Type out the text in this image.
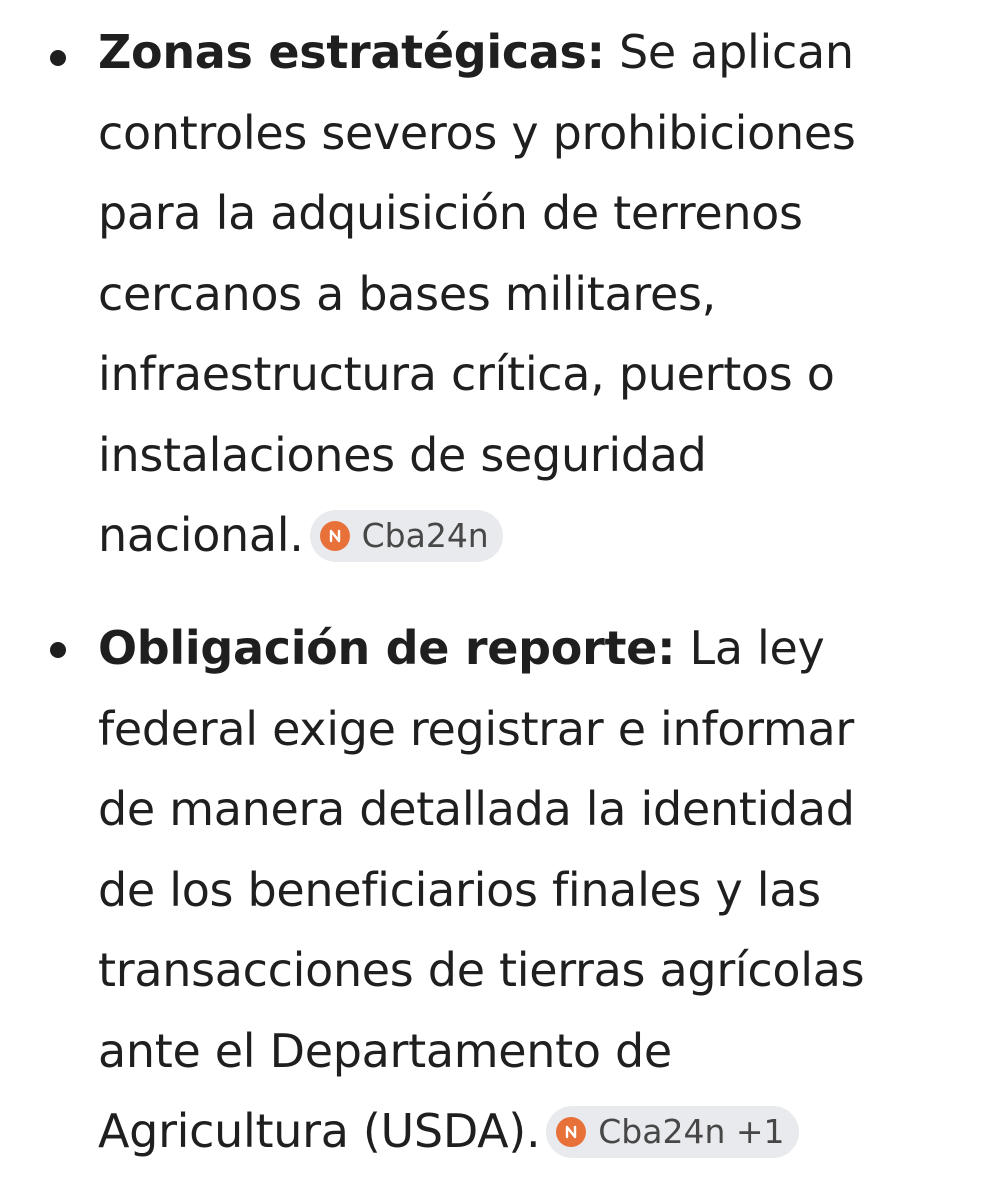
Zonas estratégicas: Se aplican
controles severos y prohibiciones
para la adquisición de terrenos
cercanos a bases militares,
infraestructura crítica, puertos o
instalaciones de seguridad
nacional. Cba24n
Obligación de reporte: La ley
federal exige registrar e informar
de manera detallada la identidad
de los beneficiarios finales y las
transacciones de tierras agrícolas
ante el Departamento de
Agricultura (USDA). Cba24n +1
